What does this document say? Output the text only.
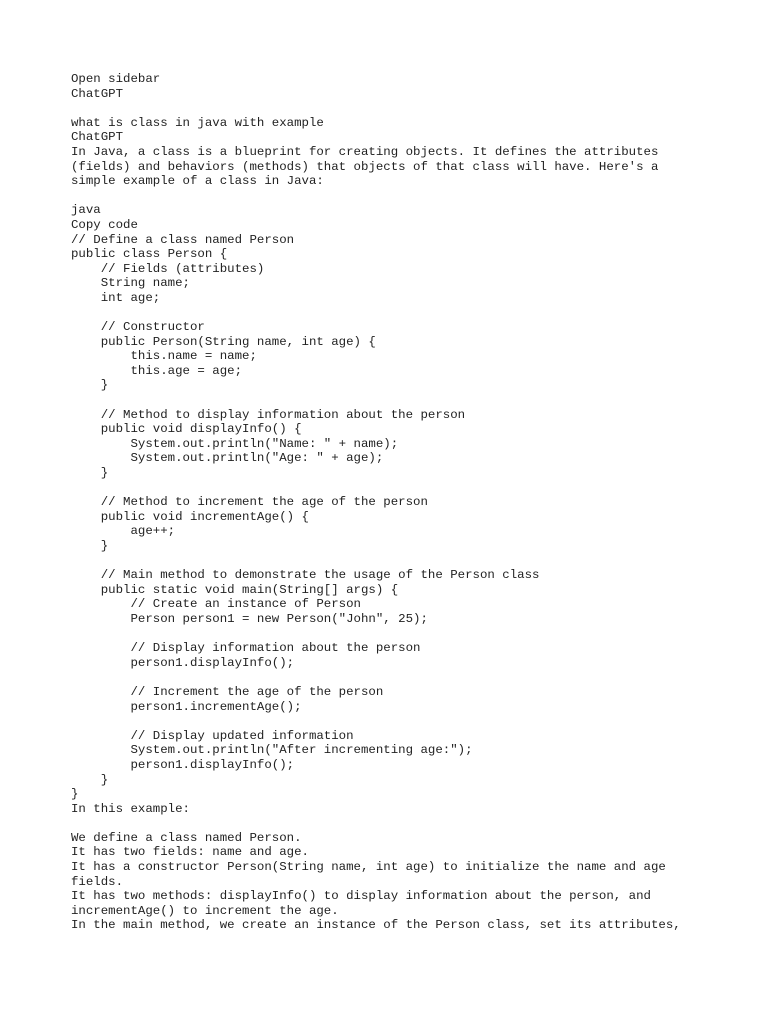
Open sidebar
ChatGPT
what is class in java with example
ChatGPT
In Java, a class is a blueprint for creating objects. It defines the attributes
(fields) and behaviors (methods) that objects of that class will have. Here's a
simple example of a class in Java:
java
Copy code
// Define a class named Person
public class Person {
// Fields (attributes)
String name;
int age;
// Constructor
public Person(String name, int age) {
this.name = name;
this.age = age;
}
// Method to display information about the person
public void displayInfo() {
System.out.println("Name: " + name);
System.out.println("Age: " + age);
}
// Method to increment the age of the person
public void incrementAge() {
age++;
}
// Main method to demonstrate the usage of the Person class
public static void main(String[] args) {
// Create an instance of Person
Person person1 = new Person("John", 25);
// Display information about the person
person1.displayInfo();
// Increment the age of the person
person1.incrementAge();
// Display updated information
System.out.println("After incrementing age:");
person1.displayInfo();
}
}
In this example:
We define a class named Person.
It has two fields: name and age.
It has a constructor Person(String name, int age) to initialize the name and age
fields.
It has two methods: displayInfo() to display information about the person, and
incrementAge() to increment the age.
In the main method, we create an instance of the Person class, set its attributes,
